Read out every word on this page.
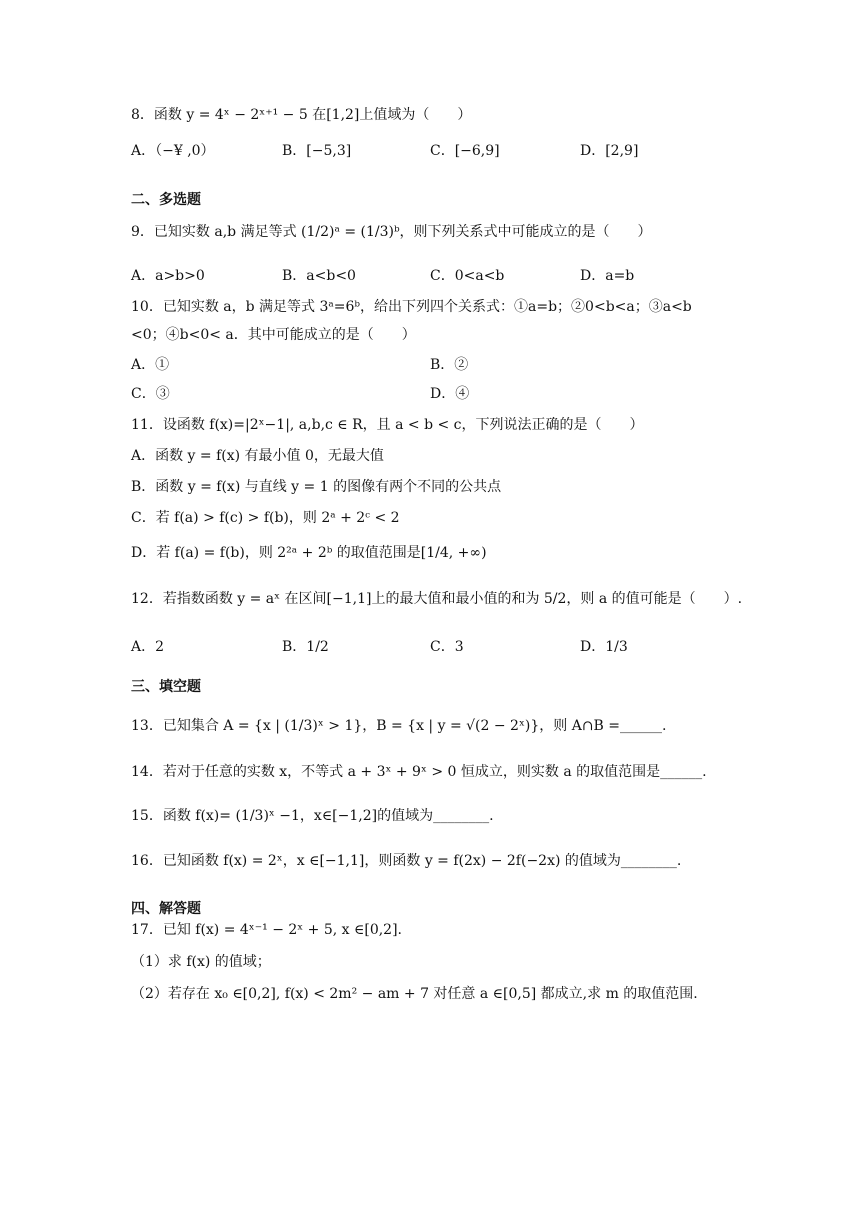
8．函数 y = 4ˣ − 2ˣ⁺¹ − 5 在[1,2]上值域为（　　）
A．（−¥ ,0）	B．[−5,3]	C．[−6,9]	D．[2,9]
二、多选题
9．已知实数 a,b 满足等式 (1/2)ᵃ = (1/3)ᵇ，则下列关系式中可能成立的是（　　）
A．a>b>0	B．a<b<0	C．0<a<b	D．a=b
10．已知实数 a，b 满足等式 3ᵃ=6ᵇ，给出下列四个关系式：①a=b；②0<b<a；③a<b
<0；④b<0< a．其中可能成立的是（　　）
A．①	B．②
C．③	D．④
11．设函数 f(x)=|2ˣ−1|, a,b,c ∈ R，且 a < b < c，下列说法正确的是（　　）
A．函数 y = f(x) 有最小值 0，无最大值
B．函数 y = f(x) 与直线 y = 1 的图像有两个不同的公共点
C．若 f(a) > f(c) > f(b)，则 2ᵃ + 2ᶜ < 2
D．若 f(a) = f(b)，则 2²ᵃ + 2ᵇ 的取值范围是[1/4, +∞)
12．若指数函数 y = aˣ 在区间[−1,1]上的最大值和最小值的和为 5/2，则 a 的值可能是（　　）.
A．2	B．1/2	C．3	D．1/3
三、填空题
13．已知集合 A = {x | (1/3)ˣ > 1}，B = {x | y = √(2 − 2ˣ)}，则 A∩B =______.
14．若对于任意的实数 x，不等式 a + 3ˣ + 9ˣ > 0 恒成立，则实数 a 的取值范围是______.
15．函数 f(x)= (1/3)ˣ −1，x∈[−1,2]的值域为________.
16．已知函数 f(x) = 2ˣ，x ∈[−1,1]，则函数 y = f(2x) − 2f(−2x) 的值域为________.
四、解答题
17．已知 f(x) = 4ˣ⁻¹ − 2ˣ + 5, x ∈[0,2].
（1）求 f(x) 的值域；
（2）若存在 x₀ ∈[0,2], f(x) < 2m² − am + 7 对任意 a ∈[0,5] 都成立,求 m 的取值范围.
